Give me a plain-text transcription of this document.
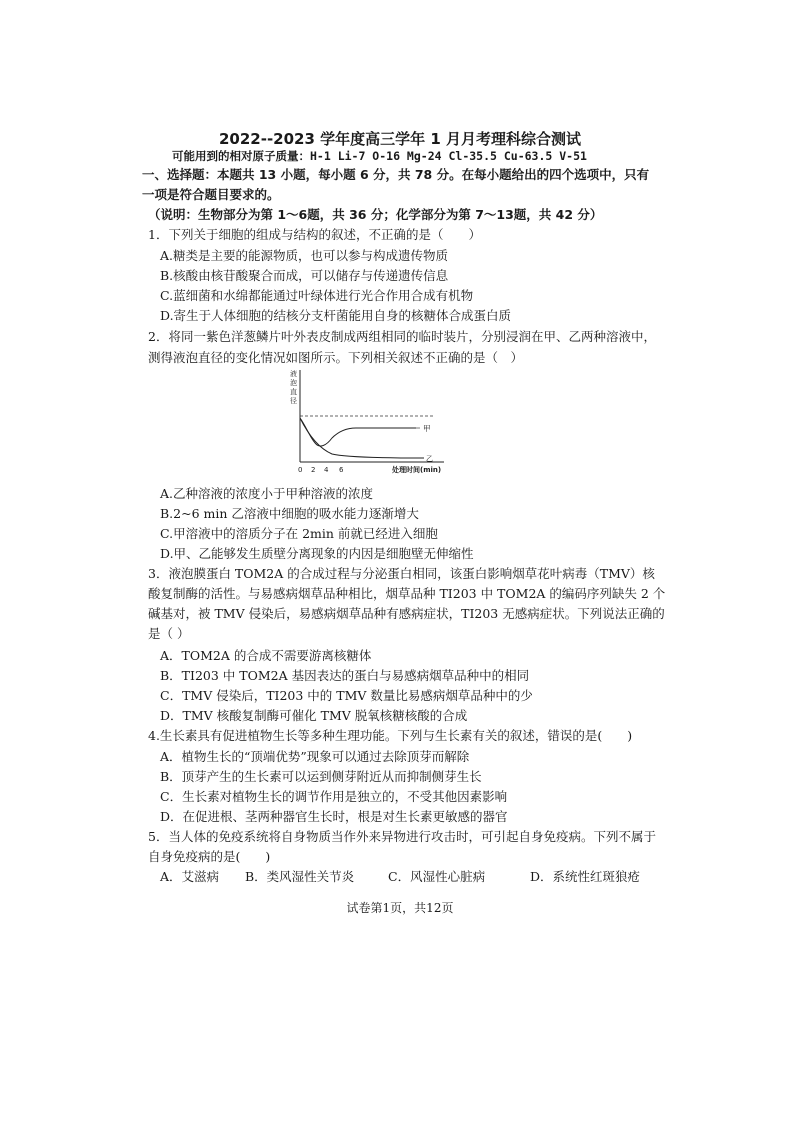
2022--2023 学年度高三学年 1 月月考理科综合测试
可能用到的相对原子质量：H-1 Li-7 O-16 Mg-24 Cl-35.5 Cu-63.5 V-51
一、选择题：本题共 13 小题，每小题 6 分，共 78 分。在每小题给出的四个选项中，只有
一项是符合题目要求的。
（说明：生物部分为第 1～6题，共 36 分；化学部分为第 7～13题，共 42 分）
1．下列关于细胞的组成与结构的叙述，不正确的是（　　）
A.糖类是主要的能源物质，也可以参与构成遗传物质
B.核酸由核苷酸聚合而成，可以储存与传递遗传信息
C.蓝细菌和水绵都能通过叶绿体进行光合作用合成有机物
D.寄生于人体细胞的结核分支杆菌能用自身的核糖体合成蛋白质
2．将同一紫色洋葱鳞片叶外表皮制成两组相同的临时装片，分别浸润在甲、乙两种溶液中，
测得液泡直径的变化情况如图所示。下列相关叙述不正确的是（　）
液 泡 直 径
甲
乙
0 2 4 6	处理时间(min)
A.乙种溶液的浓度小于甲种溶液的浓度
B.2~6 min 乙溶液中细胞的吸水能力逐渐增大
C.甲溶液中的溶质分子在 2min 前就已经进入细胞
D.甲、乙能够发生质壁分离现象的内因是细胞壁无伸缩性
3．液泡膜蛋白 TOM2A 的合成过程与分泌蛋白相同，该蛋白影响烟草花叶病毒（TMV）核
酸复制酶的活性。与易感病烟草品种相比，烟草品种 TI203 中 TOM2A 的编码序列缺失 2 个
碱基对，被 TMV 侵染后，易感病烟草品种有感病症状，TI203 无感病症状。下列说法正确的
是（ ）
A．TOM2A 的合成不需要游离核糖体
B．TI203 中 TOM2A 基因表达的蛋白与易感病烟草品种中的相同
C．TMV 侵染后，TI203 中的 TMV 数量比易感病烟草品种中的少
D．TMV 核酸复制酶可催化 TMV 脱氧核糖核酸的合成
4.生长素具有促进植物生长等多种生理功能。下列与生长素有关的叙述，错误的是(　　)
A．植物生长的“顶端优势”现象可以通过去除顶芽而解除
B．顶芽产生的生长素可以运到侧芽附近从而抑制侧芽生长
C．生长素对植物生长的调节作用是独立的，不受其他因素影响
D．在促进根、茎两种器官生长时，根是对生长素更敏感的器官
5．当人体的免疫系统将自身物质当作外来异物进行攻击时，可引起自身免疫病。下列不属于
自身免疫病的是(　　)
A．艾滋病 B．类风湿性关节炎	C．风湿性心脏病	D．系统性红斑狼疮
试卷第1页，共12页
